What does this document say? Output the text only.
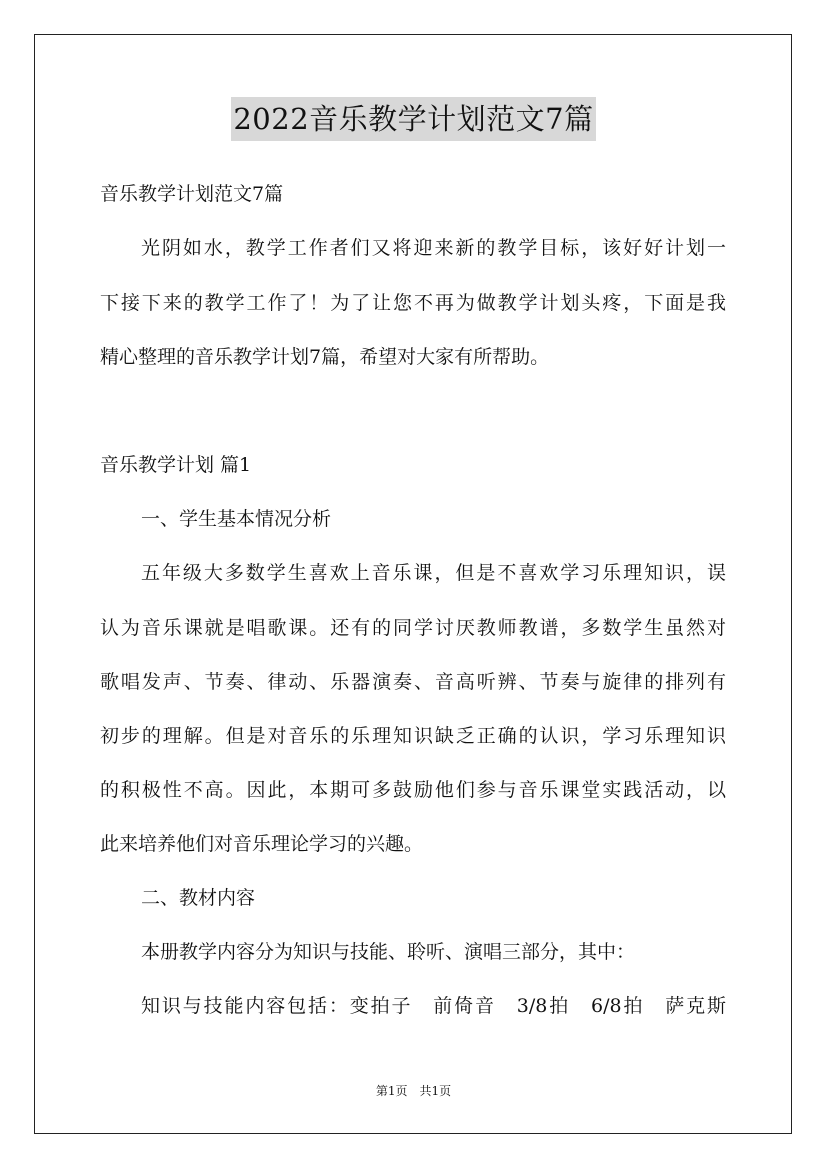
2022音乐教学计划范文7篇
音乐教学计划范文7篇
光阴如水，教学工作者们又将迎来新的教学目标，该好好计划一
下接下来的教学工作了！为了让您不再为做教学计划头疼，下面是我
精心整理的音乐教学计划7篇，希望对大家有所帮助。
音乐教学计划 篇1
一、学生基本情况分析
五年级大多数学生喜欢上音乐课，但是不喜欢学习乐理知识，误
认为音乐课就是唱歌课。还有的同学讨厌教师教谱，多数学生虽然对
歌唱发声、节奏、律动、乐器演奏、音高听辨、节奏与旋律的排列有
初步的理解。但是对音乐的乐理知识缺乏正确的认识，学习乐理知识
的积极性不高。因此，本期可多鼓励他们参与音乐课堂实践活动，以
此来培养他们对音乐理论学习的兴趣。
二、教材内容
本册教学内容分为知识与技能、聆听、演唱三部分，其中：
知识与技能内容包括：变拍子　前倚音　3/8拍　6/8拍　萨克斯
第1页　共1页
